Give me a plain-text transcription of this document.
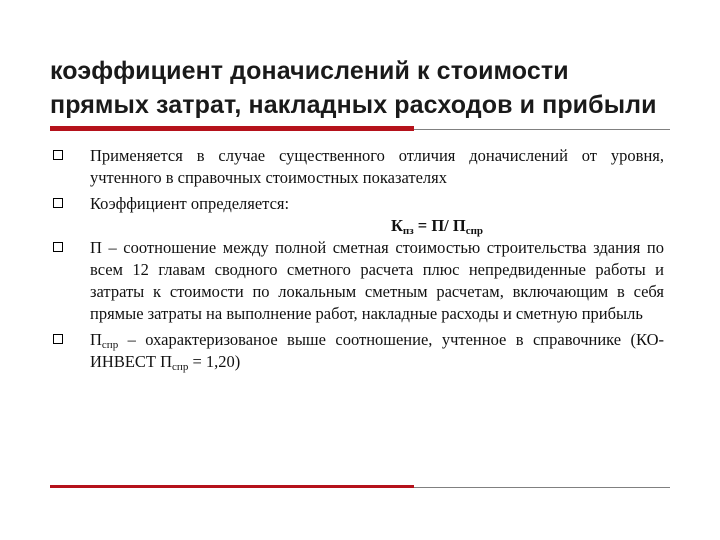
коэффициент доначислений к стоимости
прямых затрат, накладных расходов и прибыли
Применяется в случае существенного отличия доначислений от уровня, учтенного в справочных стоимостных показателях
Коэффициент определяется:
$К_{пз} = П/$ $П_{спр}$
П – соотношение между полной сметная стоимостью строительства здания по всем 12 главам сводного сметного расчета плюс непредвиденные работы и затраты к стоимости по локальным сметным расчетам, включающим в себя прямые затраты на выполнение работ, накладные расходы и сметную прибыль
$П_{спр}$ – охарактеризованое выше соотношение, учтенное в справочнике (КО-ИНВЕСТ $П_{спр} = 1,20$)
